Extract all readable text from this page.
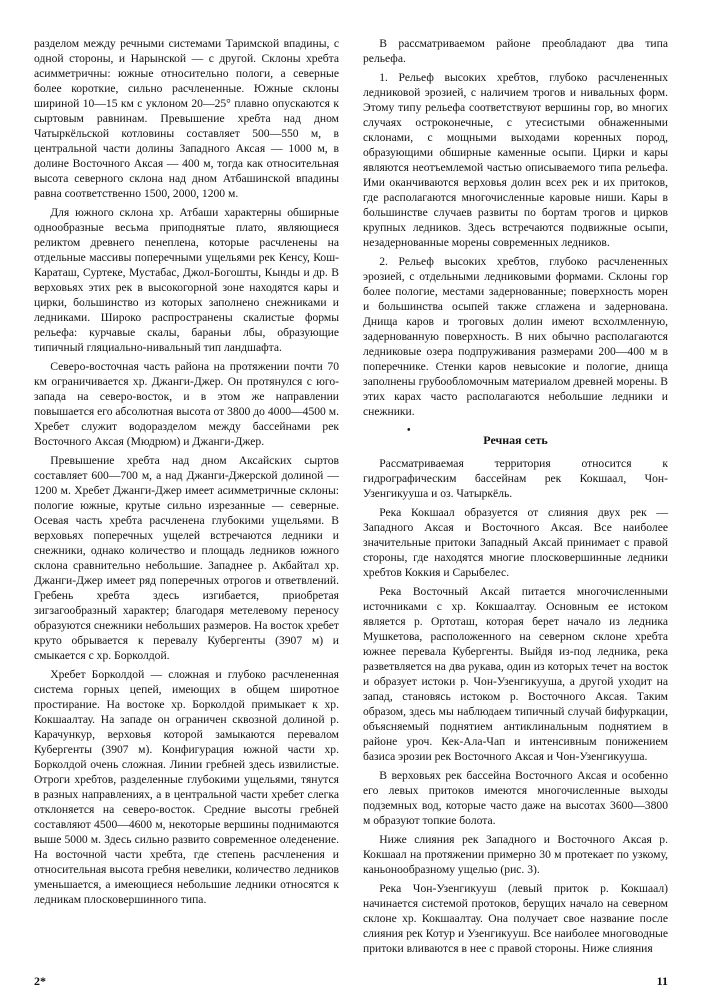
разделом между речными системами Таримской впадины, с одной стороны, и Нарынской — с другой. Склоны хребта асимметричны: южные относительно пологи, а северные более короткие, сильно расчлененные. Южные склоны шириной 10—15 км с уклоном 20—25° плавно опускаются к сыртовым равнинам. Превышение хребта над дном Чатыркёльской котловины составляет 500—550 м, в центральной части долины Западного Аксая — 1000 м, в долине Восточного Аксая — 400 м, тогда как относительная высота северного склона над дном Атбашинской впадины равна соответственно 1500, 2000, 1200 м.

Для южного склона хр. Атбаши характерны обширные однообразные весьма приподнятые плато, являющиеся реликтом древнего пенеплена, которые расчленены на отдельные массивы поперечными ущельями рек Кенсу, Кош-Караташ, Суртеке, Мустабас, Джол-Богошты, Кынды и др. В верховьях этих рек в высокогорной зоне находятся кары и цирки, большинство из которых заполнено снежниками и ледниками. Широко распространены скалистые формы рельефа: курчавые скалы, бараньи лбы, образующие типичный гляциально-нивальный тип ландшафта.

Северо-восточная часть района на протяжении почти 70 км ограничивается хр. Джанги-Джер. Он протянулся с юго-запада на северо-восток, и в этом же направлении повышается его абсолютная высота от 3800 до 4000—4500 м. Хребет служит водоразделом между бассейнами рек Восточного Аксая (Мюдрюм) и Джанги-Джер.

Превышение хребта над дном Аксайских сыртов составляет 600—700 м, а над Джанги-Джерской долиной — 1200 м. Хребет Джанги-Джер имеет асимметричные склоны: пологие южные, крутые сильно изрезанные — северные. Осевая часть хребта расчленена глубокими ущельями. В верховьях поперечных ущелей встречаются ледники и снежники, однако количество и площадь ледников южного склона сравнительно небольшие. Западнее р. Акбайтал хр. Джанги-Джер имеет ряд поперечных отрогов и ответвлений. Гребень хребта здесь изгибается, приобретая зигзагообразный характер; благодаря метелевому переносу образуются снежники небольших размеров. На восток хребет круто обрывается к перевалу Кубергенты (3907 м) и смыкается с хр. Борколдой.

Хребет Борколдой — сложная и глубоко расчлененная система горных цепей, имеющих в общем широтное простирание. На востоке хр. Борколдой примыкает к хр. Кокшаалтау. На западе он ограничен сквозной долиной р. Карачункур, верховья которой замыкаются перевалом Кубергенты (3907 м). Конфигурация южной части хр. Борколдой очень сложная. Линии гребней здесь извилистые. Отроги хребтов, разделенные глубокими ущельями, тянутся в разных направлениях, а в центральной части хребет слегка отклоняется на северо-восток. Средние высоты гребней составляют 4500—4600 м, некоторые вершины поднимаются выше 5000 м. Здесь сильно развито современное оледенение. На восточной части хребта, где степень расчленения и относительная высота гребня невелики, количество ледников уменьшается, а имеющиеся небольшие ледники относятся к ледникам плосковершинного типа.

В рассматриваемом районе преобладают два типа рельефа.

1. Рельеф высоких хребтов, глубоко расчлененных ледниковой эрозией, с наличием трогов и нивальных форм. Этому типу рельефа соответствуют вершины гор, во многих случаях остроконечные, с утесистыми обнаженными склонами, с мощными выходами коренных пород, образующими обширные каменные осыпи. Цирки и кары являются неотъемлемой частью описываемого типа рельефа. Ими оканчиваются верховья долин всех рек и их притоков, где располагаются многочисленные каровые ниши. Кары в большинстве случаев развиты по бортам трогов и цирков крупных ледников. Здесь встречаются подвижные осыпи, незадернованные морены современных ледников.

2. Рельеф высоких хребтов, глубоко расчлененных эрозией, с отдельными ледниковыми формами. Склоны гор более пологие, местами задернованные; поверхность морен и большинства осыпей также сглажена и задернована. Днища каров и троговых долин имеют всхолмленную, задернованную поверхность. В них обычно располагаются ледниковые озера подпруживания размерами 200—400 м в поперечнике. Стенки каров невысокие и пологие, днища заполнены грубообломочным материалом древней морены. В этих карах часто располагаются небольшие ледники и снежники.

•
Речная сеть

Рассматриваемая территория относится к гидрографическим бассейнам рек Кокшаал, Чон-Узенгикууша и оз. Чатыркёль.

Река Кокшаал образуется от слияния двух рек — Западного Аксая и Восточного Аксая. Все наиболее значительные притоки Западный Аксай принимает с правой стороны, где находятся многие плосковершинные ледники хребтов Коккия и Сарыбелес.

Река Восточный Аксай питается многочисленными источниками с хр. Кокшаалтау. Основным ее истоком является р. Ортоташ, которая берет начало из ледника Мушкетова, расположенного на северном склоне хребта южнее перевала Кубергенты. Выйдя из-под ледника, река разветвляется на два рукава, один из которых течет на восток и образует истоки р. Чон-Узенгикууша, а другой уходит на запад, становясь истоком р. Восточного Аксая. Таким образом, здесь мы наблюдаем типичный случай бифуркации, объясняемый поднятием антиклинальным поднятием в районе уроч. Кек-Ала-Чап и интенсивным понижением базиса эрозии рек Восточного Аксая и Чон-Узенгикууша.

В верховьях рек бассейна Восточного Аксая и особенно его левых притоков имеются многочисленные выходы подземных вод, которые часто даже на высотах 3600—3800 м образуют топкие болота.

Ниже слияния рек Западного и Восточного Аксая р. Кокшаал на протяжении примерно 30 м протекает по узкому, каньонообразному ущелью (рис. 3).

Река Чон-Узенгикууш (левый приток р. Кокшаал) начинается системой протоков, берущих начало на северном склоне хр. Кокшаалтау. Она получает свое название после слияния рек Котур и Узенгикууш. Все наиболее многоводные притоки вливаются в нее с правой стороны. Ниже слияния

2*	11
